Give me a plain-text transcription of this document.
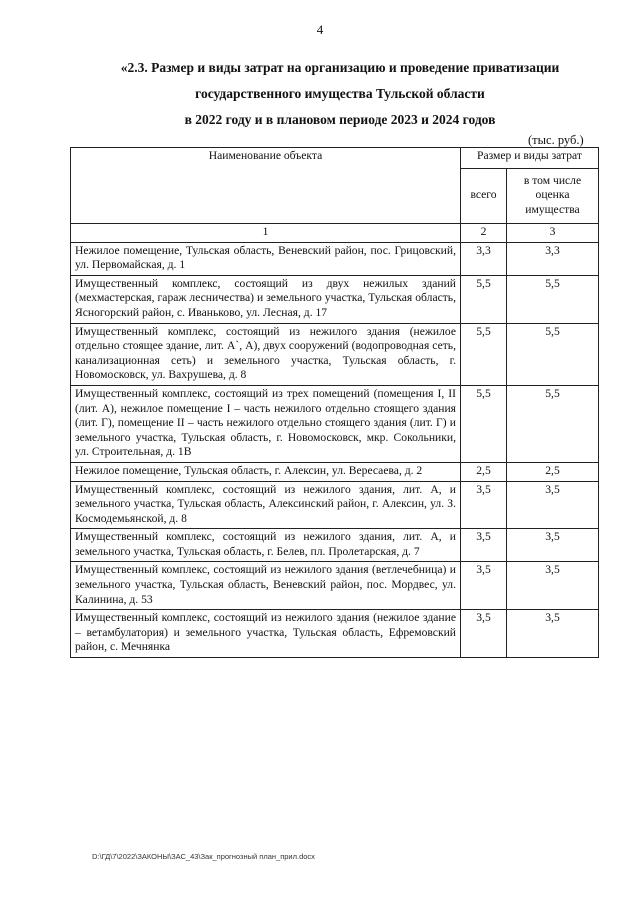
4
«2.3. Размер и виды затрат на организацию и проведение приватизации
государственного имущества Тульской области
в 2022 году и в плановом периоде 2023 и 2024 годов
(тыс. руб.)
Наименование объекта	Размер и виды затрат	
	всего	в том числе оценка имущества
1	2	3
Нежилое помещение, Тульская область, Веневский район, пос. Грицовский, ул. Первомайская, д. 1	3,3	3,3
Имущественный комплекс, состоящий из двух нежилых зданий (мехмастерская, гараж лесничества) и земельного участка, Тульская область, Ясногорский район, с. Иваньково, ул. Лесная, д. 17	5,5	5,5
Имущественный комплекс, состоящий из нежилого здания (нежилое отдельно стоящее здание, лит. А`, А), двух сооружений (водопроводная сеть, канализационная сеть) и земельного участка, Тульская область, г. Новомосковск, ул. Вахрушева, д. 8	5,5	5,5
Имущественный комплекс, состоящий из трех помещений (помещения I, II (лит. А), нежилое помещение I – часть нежилого отдельно стоящего здания (лит. Г), помещение II – часть нежилого отдельно стоящего здания (лит. Г) и земельного участка, Тульская область, г. Новомосковск, мкр. Сокольники, ул. Строительная, д. 1В	5,5	5,5
Нежилое помещение, Тульская область, г. Алексин, ул. Вересаева, д. 2	2,5	2,5
Имущественный комплекс, состоящий из нежилого здания, лит. А, и земельного участка, Тульская область, Алексинский район, г. Алексин, ул. З. Космодемьянской, д. 8	3,5	3,5
Имущественный комплекс, состоящий из нежилого здания, лит. А, и земельного участка, Тульская область, г. Белев, пл. Пролетарская, д. 7	3,5	3,5
Имущественный комплекс, состоящий из нежилого здания (ветлечебница) и земельного участка, Тульская область, Веневский район, пос. Мордвес, ул. Калинина, д. 53	3,5	3,5
Имущественный комплекс, состоящий из нежилого здания (нежилое здание – ветамбулатория) и земельного участка, Тульская область, Ефремовский район, с. Мечнянка	3,5	3,5
D:\ГД\7\2022\ЗАКОНЫ\ЗАС_43\Зак_прогнозный план_прил.docx
